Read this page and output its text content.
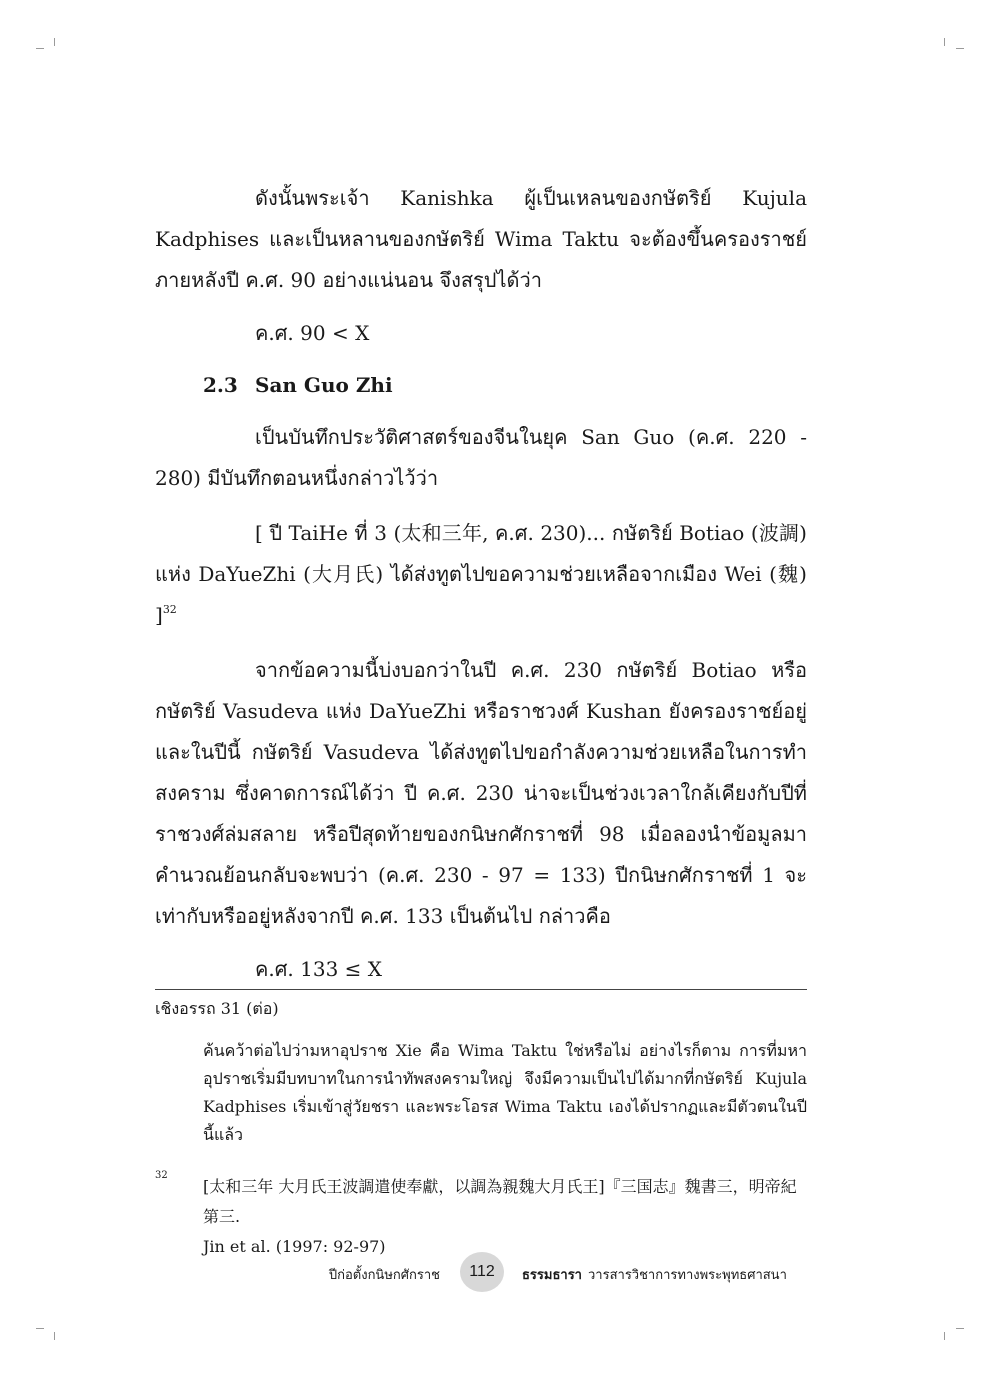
ดังนั้นพระเจ้า Kanishka ผู้เป็นเหลนของกษัตริย์ Kujula Kadphises และเป็นหลานของกษัตริย์ Wima Taktu จะต้องขึ้นครองราชย์ภายหลังปี ค.ศ. 90 อย่างแน่นอน จึงสรุปได้ว่า

ค.ศ. 90 < X

2.3 San Guo Zhi

เป็นบันทึกประวัติศาสตร์ของจีนในยุค San Guo (ค.ศ. 220 - 280) มีบันทึกตอนหนึ่งกล่าวไว้ว่า

[ ปี TaiHe ที่ 3 (太和三年, ค.ศ. 230)... กษัตริย์ Botiao (波調) แห่ง DaYueZhi (大月氏) ได้ส่งทูตไปขอความช่วยเหลือจากเมือง Wei (魏) ]$^{32}$

จากข้อความนี้บ่งบอกว่าในปี ค.ศ. 230 กษัตริย์ Botiao หรือกษัตริย์ Vasudeva แห่ง DaYueZhi หรือราชวงศ์ Kushan ยังครองราชย์อยู่และในปีนี้ กษัตริย์ Vasudeva ได้ส่งทูตไปขอกำลังความช่วยเหลือในการทำสงคราม ซึ่งคาดการณ์ได้ว่า ปี ค.ศ. 230 น่าจะเป็นช่วงเวลาใกล้เคียงกับปีที่ราชวงศ์ล่มสลาย หรือปีสุดท้ายของกนิษกศักราชที่ 98 เมื่อลองนำข้อมูลมาคำนวณย้อนกลับจะพบว่า (ค.ศ. 230 - 97 = 133) ปีกนิษกศักราชที่ 1 จะเท่ากับหรืออยู่หลังจากปี ค.ศ. 133 เป็นต้นไป กล่าวคือ

ค.ศ. 133 ≤ X

เชิงอรรถ 31 (ต่อ)
ค้นคว้าต่อไปว่ามหาอุปราช Xie คือ Wima Taktu ใช่หรือไม่ อย่างไรก็ตาม การที่มหาอุปราชเริ่มมีบทบาทในการนำทัพสงครามใหญ่ จึงมีความเป็นไปได้มากที่กษัตริย์ Kujula Kadphises เริ่มเข้าสู่วัยชรา และพระโอรส Wima Taktu เองได้ปรากฏและมีตัวตนในปีนี้แล้ว
32
[太和三年 大月氏王波調遣使奉獻，以調為親魏大月氏王]『三国志』魏書三，明帝紀第三.
Jin et al. (1997: 92-97)
ปีก่อตั้งกนิษกศักราช	112	ธรรมธารา วารสารวิชาการทางพระพุทธศาสนา
